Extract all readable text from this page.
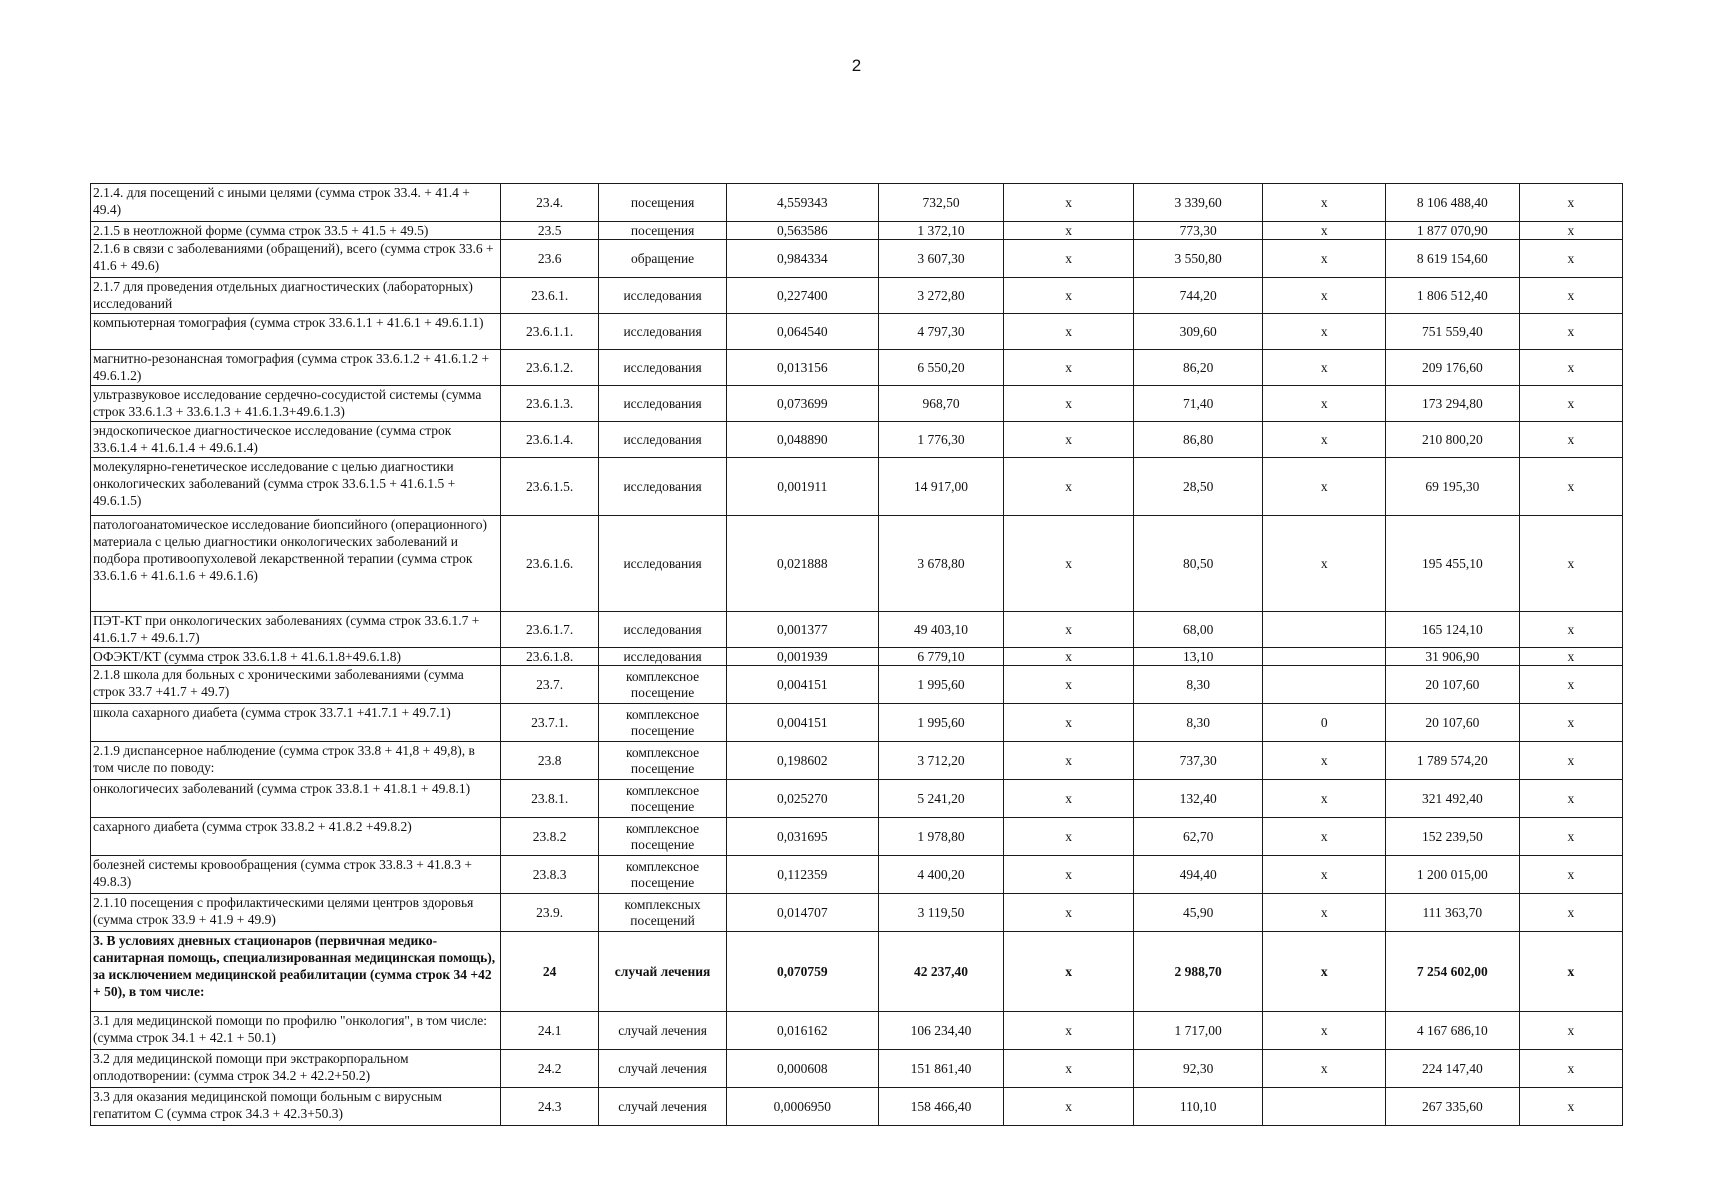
2
2.1.4. для посещений с иными целями (сумма строк 33.4. + 41.4 + 49.4)	23.4.	посещения	4,559343	732,50	х	3 339,60	х	8 106 488,40	х
2.1.5 в неотложной форме (сумма строк 33.5 + 41.5 + 49.5)	23.5	посещения	0,563586	1 372,10	х	773,30	х	1 877 070,90	х
2.1.6 в связи с заболеваниями (обращений), всего (сумма строк 33.6 + 41.6 + 49.6)	23.6	обращение	0,984334	3 607,30	х	3 550,80	х	8 619 154,60	х
2.1.7 для проведения отдельных диагностических (лабораторных) исследований	23.6.1.	исследования	0,227400	3 272,80	х	744,20	х	1 806 512,40	х
компьютерная томография (сумма строк 33.6.1.1 + 41.6.1 + 49.6.1.1)	23.6.1.1.	исследования	0,064540	4 797,30	х	309,60	х	751 559,40	х
магнитно-резонансная томография (сумма строк 33.6.1.2 + 41.6.1.2 + 49.6.1.2)	23.6.1.2.	исследования	0,013156	6 550,20	х	86,20	х	209 176,60	х
ультразвуковое исследование сердечно-сосудистой системы (сумма строк 33.6.1.3 + 33.6.1.3 + 41.6.1.3+49.6.1.3)	23.6.1.3.	исследования	0,073699	968,70	х	71,40	х	173 294,80	х
эндоскопическое диагностическое исследование (сумма строк 33.6.1.4 + 41.6.1.4 + 49.6.1.4)	23.6.1.4.	исследования	0,048890	1 776,30	х	86,80	х	210 800,20	х
молекулярно-генетическое исследование с целью диагностики онкологических заболеваний (сумма строк 33.6.1.5 + 41.6.1.5 + 49.6.1.5)	23.6.1.5.	исследования	0,001911	14 917,00	х	28,50	х	69 195,30	х
патологоанатомическое исследование биопсийного (операционного) материала с целью диагностики онкологических заболеваний и подбора противоопухолевой лекарственной терапии (сумма строк 33.6.1.6 + 41.6.1.6 + 49.6.1.6)	23.6.1.6.	исследования	0,021888	3 678,80	х	80,50	х	195 455,10	х
ПЭТ-КТ при онкологических заболеваниях (сумма строк 33.6.1.7 + 41.6.1.7 + 49.6.1.7)	23.6.1.7.	исследования	0,001377	49 403,10	х	68,00		165 124,10	х
ОФЭКТ/КТ (сумма строк 33.6.1.8 + 41.6.1.8+49.6.1.8)	23.6.1.8.	исследования	0,001939	6 779,10	х	13,10		31 906,90	х
2.1.8 школа для больных с хроническими заболеваниями (сумма строк 33.7 +41.7 + 49.7)	23.7.	комплексное посещение	0,004151	1 995,60	х	8,30		20 107,60	х
школа сахарного диабета (сумма строк 33.7.1 +41.7.1 + 49.7.1)	23.7.1.	комплексное посещение	0,004151	1 995,60	х	8,30	0	20 107,60	х
2.1.9 диспансерное наблюдение (сумма строк 33.8 + 41,8 + 49,8), в том числе по поводу:	23.8	комплексное посещение	0,198602	3 712,20	х	737,30	х	1 789 574,20	х
онкологичесих заболеваний (сумма строк 33.8.1 + 41.8.1 + 49.8.1)	23.8.1.	комплексное посещение	0,025270	5 241,20	х	132,40	х	321 492,40	х
сахарного диабета (сумма строк 33.8.2 + 41.8.2 +49.8.2)	23.8.2	комплексное посещение	0,031695	1 978,80	х	62,70	х	152 239,50	х
болезней системы кровообращения (сумма строк 33.8.3 + 41.8.3 + 49.8.3)	23.8.3	комплексное посещение	0,112359	4 400,20	х	494,40	х	1 200 015,00	х
2.1.10 посещения с профилактическими целями центров здоровья (сумма строк 33.9 + 41.9 + 49.9)	23.9.	комплексных посещений	0,014707	3 119,50	х	45,90	х	111 363,70	х
3. В условиях дневных стационаров (первичная медико-санитарная помощь, специализированная медицинская помощь), за исключением медицинской реабилитации (сумма строк 34 +42 + 50), в том числе:	24	случай лечения	0,070759	42 237,40	х	2 988,70	х	7 254 602,00	х
3.1 для медицинской помощи по профилю "онкология", в том числе: (сумма строк 34.1 + 42.1 + 50.1)	24.1	случай лечения	0,016162	106 234,40	х	1 717,00	х	4 167 686,10	х
3.2 для медицинской помощи при экстракорпоральном оплодотворении: (сумма строк 34.2 + 42.2+50.2)	24.2	случай лечения	0,000608	151 861,40	х	92,30	х	224 147,40	х
3.3 для оказания медицинской помощи больным с вирусным гепатитом С (сумма строк 34.3 + 42.3+50.3)	24.3	случай лечения	0,0006950	158 466,40	х	110,10		267 335,60	х
